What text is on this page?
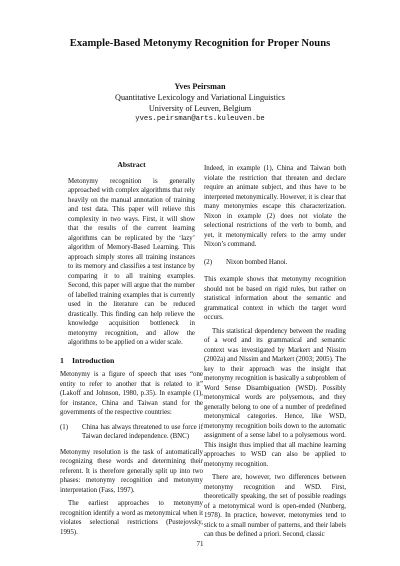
Example-Based Metonymy Recognition for Proper Nouns
Yves Peirsman
Quantitative Lexicology and Variational Linguistics
University of Leuven, Belgium
yves.peirsman@arts.kuleuven.be
Abstract

Metonymy recognition is generally approached with complex algorithms that rely heavily on the manual annotation of training and test data. This paper will relieve this complexity in two ways. First, it will show that the results of the current learning algorithms can be replicated by the ‘lazy’ algorithm of Memory-Based Learning. This approach simply stores all training instances to its memory and classifies a test instance by comparing it to all training examples. Second, this paper will argue that the number of labelled training examples that is currently used in the literature can be reduced drastically. This finding can help relieve the knowledge acquisition bottleneck in metonymy recognition, and allow the algorithms to be applied on a wider scale.

1 Introduction

Metonymy is a figure of speech that uses “one entity to refer to another that is related to it” (Lakoff and Johnson, 1980, p.35). In example (1), for instance, China and Taiwan stand for the governments of the respective countries:

(1)	China has always threatened to use force if Taiwan declared independence. (BNC)

Metonymy resolution is the task of automatically recognizing these words and determining their referent. It is therefore generally split up into two phases: metonymy recognition and metonymy interpretation (Fass, 1997).

The earliest approaches to metonymy recognition identify a word as metonymical when it violates selectional restrictions (Pustejovsky, 1995).

Indeed, in example (1), China and Taiwan both violate the restriction that threaten and declare require an animate subject, and thus have to be interpreted metonymically. However, it is clear that many metonymies escape this characterization. Nixon in example (2) does not violate the selectional restrictions of the verb to bomb, and yet, it metonymically refers to the army under Nixon’s command.

(2)	Nixon bombed Hanoi.

This example shows that metonymy recognition should not be based on rigid rules, but rather on statistical information about the semantic and grammatical context in which the target word occurs.

This statistical dependency between the reading of a word and its grammatical and semantic context was investigated by Markert and Nissim (2002a) and Nissim and Markert (2003; 2005). The key to their approach was the insight that metonymy recognition is basically a subproblem of Word Sense Disambiguation (WSD). Possibly metonymical words are polysemous, and they generally belong to one of a number of predefined metonymical categories. Hence, like WSD, metonymy recognition boils down to the automatic assignment of a sense label to a polysemous word. This insight thus implied that all machine learning approaches to WSD can also be applied to metonymy recognition.

There are, however, two differences between metonymy recognition and WSD. First, theoretically speaking, the set of possible readings of a metonymical word is open-ended (Nunberg, 1978). In practice, however, metonymies tend to stick to a small number of patterns, and their labels can thus be defined a priori. Second, classic

71
